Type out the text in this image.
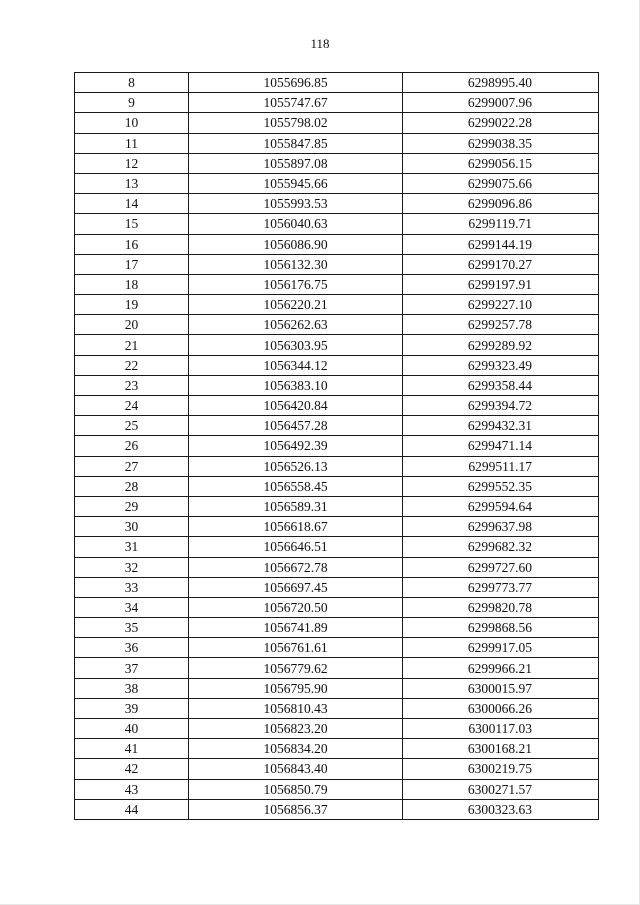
118
8	1055696.85	6298995.40
9	1055747.67	6299007.96
10	1055798.02	6299022.28
11	1055847.85	6299038.35
12	1055897.08	6299056.15
13	1055945.66	6299075.66
14	1055993.53	6299096.86
15	1056040.63	6299119.71
16	1056086.90	6299144.19
17	1056132.30	6299170.27
18	1056176.75	6299197.91
19	1056220.21	6299227.10
20	1056262.63	6299257.78
21	1056303.95	6299289.92
22	1056344.12	6299323.49
23	1056383.10	6299358.44
24	1056420.84	6299394.72
25	1056457.28	6299432.31
26	1056492.39	6299471.14
27	1056526.13	6299511.17
28	1056558.45	6299552.35
29	1056589.31	6299594.64
30	1056618.67	6299637.98
31	1056646.51	6299682.32
32	1056672.78	6299727.60
33	1056697.45	6299773.77
34	1056720.50	6299820.78
35	1056741.89	6299868.56
36	1056761.61	6299917.05
37	1056779.62	6299966.21
38	1056795.90	6300015.97
39	1056810.43	6300066.26
40	1056823.20	6300117.03
41	1056834.20	6300168.21
42	1056843.40	6300219.75
43	1056850.79	6300271.57
44	1056856.37	6300323.63
